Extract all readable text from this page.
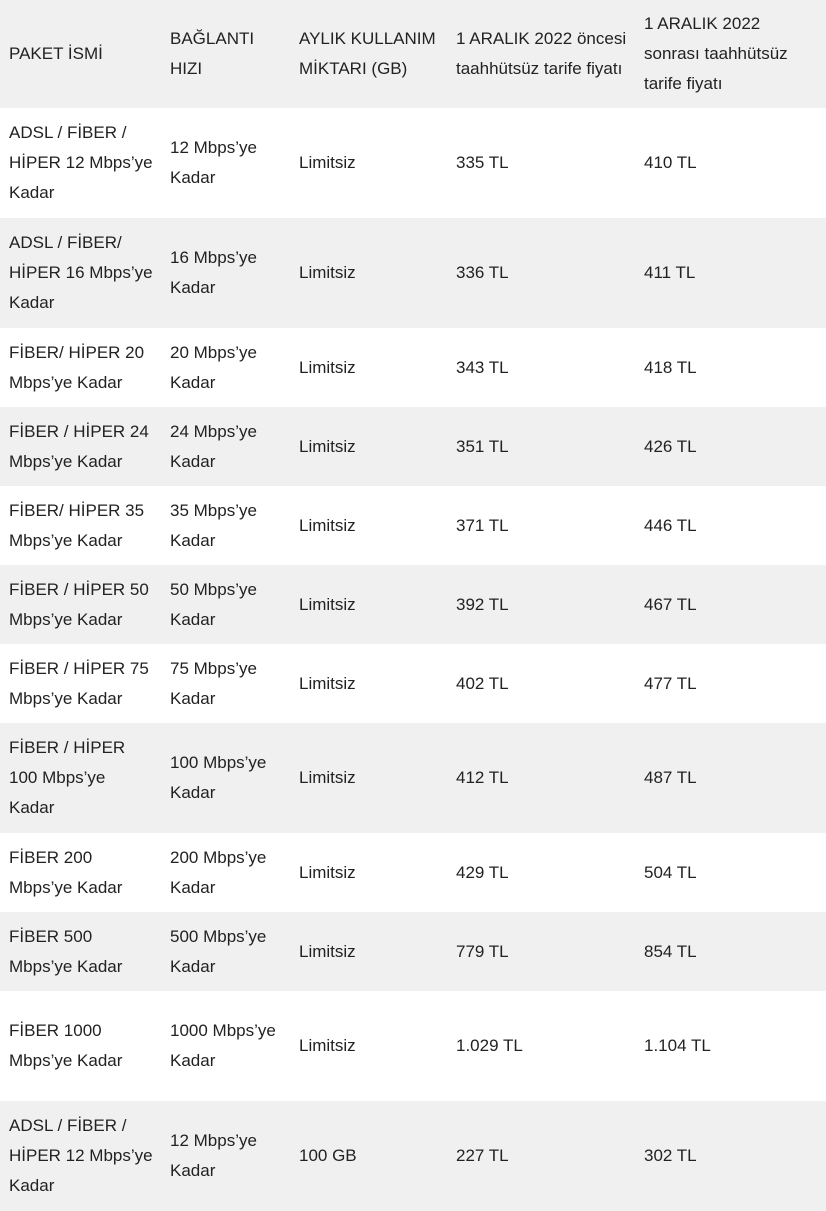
PAKET İSMİ	BAĞLANTI HIZI	AYLIK KULLANIM MİKTARI (GB)	1 ARALIK 2022 öncesi taahhütsüz tarife fiyatı	1 ARALIK 2022 sonrası taahhütsüz tarife fiyatı
ADSL / FİBER / HİPER 12 Mbps’ye Kadar	12 Mbps’ye Kadar	Limitsiz	335 TL	410 TL
ADSL / FİBER/ HİPER 16 Mbps’ye Kadar	16 Mbps’ye Kadar	Limitsiz	336 TL	411 TL
FİBER/ HİPER 20 Mbps’ye Kadar	20 Mbps’ye Kadar	Limitsiz	343 TL	418 TL
FİBER / HİPER 24 Mbps’ye Kadar	24 Mbps’ye Kadar	Limitsiz	351 TL	426 TL
FİBER/ HİPER 35 Mbps’ye Kadar	35 Mbps’ye Kadar	Limitsiz	371 TL	446 TL
FİBER / HİPER 50 Mbps’ye Kadar	50 Mbps’ye Kadar	Limitsiz	392 TL	467 TL
FİBER / HİPER 75 Mbps’ye Kadar	75 Mbps’ye Kadar	Limitsiz	402 TL	477 TL
FİBER / HİPER 100 Mbps’ye Kadar	100 Mbps’ye Kadar	Limitsiz	412 TL	487 TL
FİBER 200 Mbps’ye Kadar	200 Mbps’ye Kadar	Limitsiz	429 TL	504 TL
FİBER 500 Mbps’ye Kadar	500 Mbps’ye Kadar	Limitsiz	779 TL	854 TL
FİBER 1000 Mbps’ye Kadar	1000 Mbps’ye Kadar	Limitsiz	1.029 TL	1.104 TL
ADSL / FİBER / HİPER 12 Mbps’ye Kadar	12 Mbps’ye Kadar	100 GB	227 TL	302 TL
